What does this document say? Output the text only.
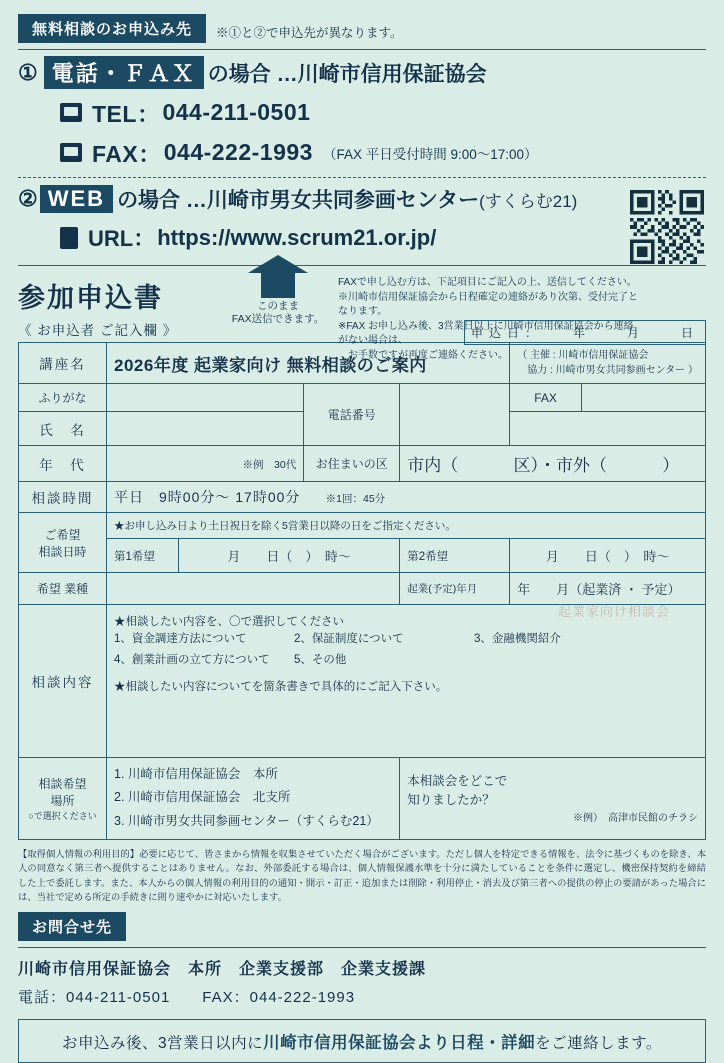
無料相談のお申込み先	※①と②で申込先が異なります。
① 電話・ＦＡＸ の場合 … 川崎市信用保証協会
TEL： 044-211-0501
FAX： 044-222-1993 （FAX 平日受付時間 9:00〜17:00）
② WEB の場合 … 川崎市男女共同参画センター (すくらむ21)
URL： https://www.scrum21.or.jp/
参加申込書
《 お申込者 ご記入欄 》
このまま
FAX送信できます。
FAXで申し込む方は、下記項目にご記入の上、送信してください。
※川崎市信用保証協会から日程確定の連絡があり次第、受付完了となります。
※FAX お申し込み後、3営業日以上に川崎市信用保証協会から連絡がない場合は、
　お手数ですが再度ご連絡ください。
申込日：　　年　　月　　日
講座名	2026年度 起業家向け 無料相談のご案内				（ 主催 : 川崎市信用保証協会
　協力 : 川崎市男女共同参画センター ）	

ふりがな			電話番号		FAX	
氏　名						
年　代	※例　30代		お住まいの区	市内（ 区）・市外（ ）		
相談時間	平日　9時00分〜 17時00分 ※1回：45分					

ご希望
相談日時	★お申し込み日より土日祝日を除く5営業日以降の日をご指定ください。					
	第1希望	月　　日（　）　時〜		第2希望	月　　日（　）　時〜	
希望 業種				起業(予定)年月	年　　月（起業済 ・ 予定）	
相談内容	
★相談したい内容を、〇で選択してください
1、資金調達方法について	2、保証制度について	3、金融機関紹介
4、創業計画の立て方について	5、その他
★相談したい内容についてを箇条書きで具体的にご記入下さい。

相談希望
場所
○で選択ください

1. 川崎市信用保証協会　本所
2. 川崎市信用保証協会　北支所
3. 川崎市男女共同参画センター（すくらむ21）

本相談会をどこで
知りましたか？
※例）　高津市民館のチラシ
起業家向け相談会
【取得個人情報の利用目的】必要に応じて、皆さまから情報を収集させていただく場合がございます。ただし個人を特定できる情報を、法令に基づくものを除き、本人の同意なく第三者へ提供することはありません。なお、外部委託する場合は、個人情報保護水準を十分に満たしていることを条件に選定し、機密保持契約を締結した上で委託します。また、本人からの個人情報の利用目的の通知・開示・訂正・追加または削除・利用停止・消去及び第三者への提供の停止の要請があった場合には、当社で定める所定の手続きに則り速やかに対応いたします。
お問合せ先
川崎市信用保証協会　本所　企業支援部　企業支援課
電話：044-211-0501　　FAX：044-222-1993
お申込み後、3営業日以内に川崎市信用保証協会より日程・詳細をご連絡します。
